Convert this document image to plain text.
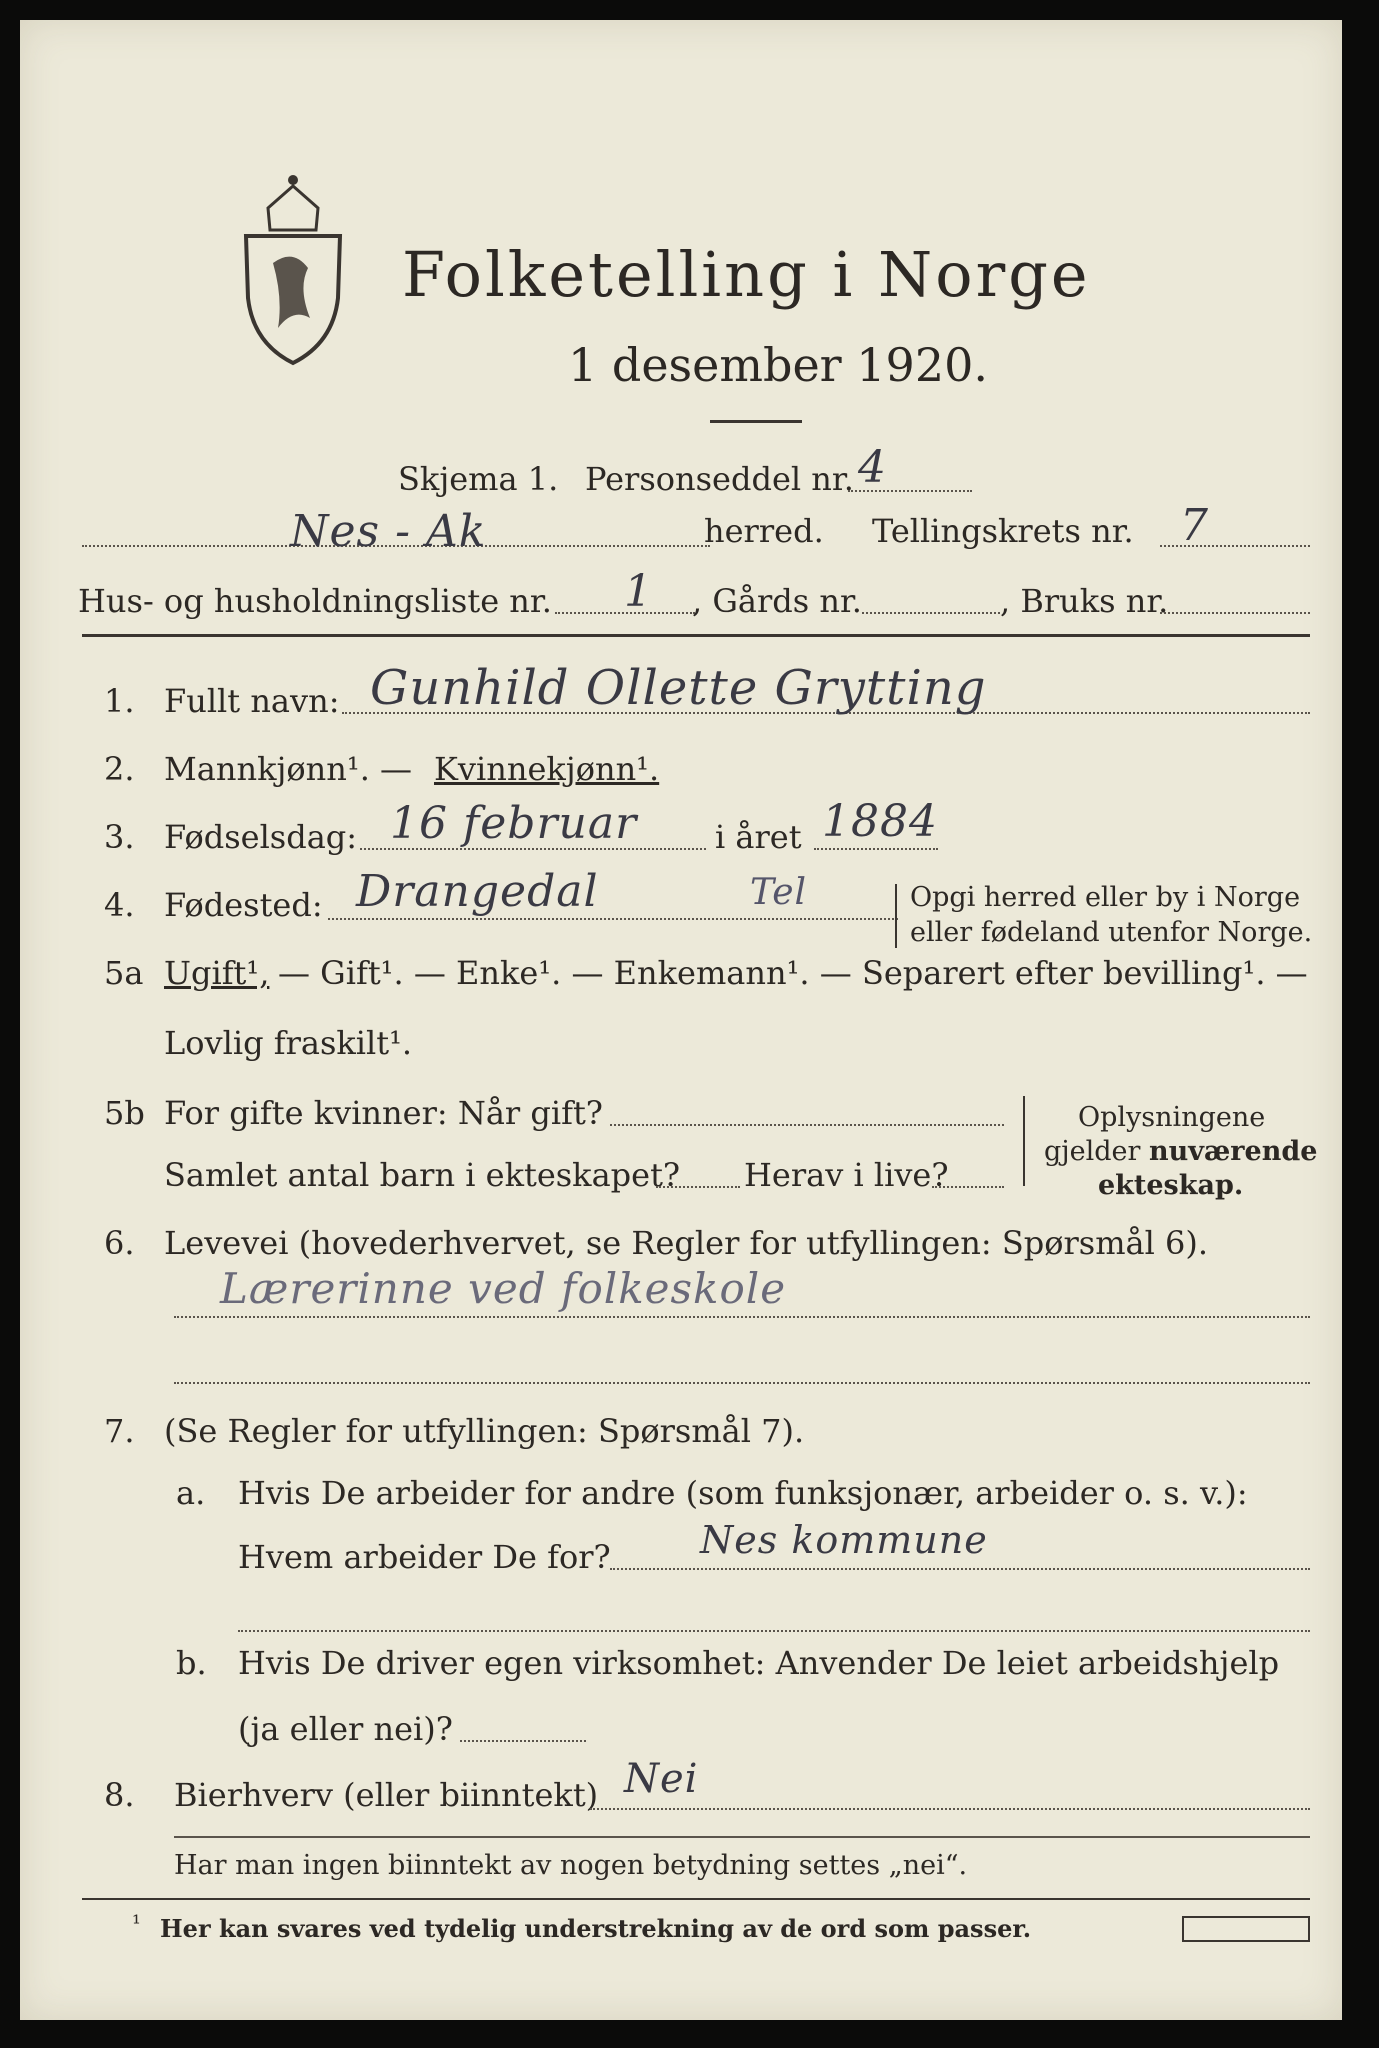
Folketelling i Norge
1 desember 1920.
Skjema 1. Personseddel nr. 4
Nes - Ak	herred. Tellingskrets nr. 7
Hus- og husholdningsliste nr. 1 , Gårds nr.	, Bruks nr.
1. Fullt navn: Gunhild Ollette Grytting
2. Mannkjønn¹. — Kvinnekjønn¹.
3. Fødselsdag: 16 februar i året 1884
4. Fødested: Drangedal	Tel	Opgi herred eller by i Norge
eller fødeland utenfor Norge.
5a Ugift¹, — Gift¹. — Enke¹. — Enkemann¹. — Separert efter bevilling¹. —
Lovlig fraskilt¹.
5b For gifte kvinner: Når gift?
Samlet antal barn i ekteskapet? Herav i live?
Oplysningene
gjelder nuværende
ekteskap.
6. Levevei (hovederhvervet, se Regler for utfyllingen: Spørsmål 6).
Lærerinne ved folkeskole
7. (Se Regler for utfyllingen: Spørsmål 7).
a. Hvis De arbeider for andre (som funksjonær, arbeider o. s. v.):
Hvem arbeider De for? Nes kommune
b. Hvis De driver egen virksomhet: Anvender De leiet arbeidshjelp
(ja eller nei)?
8. Bierhverv (eller biinntekt) Nei
Har man ingen biinntekt av nogen betydning settes „nei“.
¹ Her kan svares ved tydelig understrekning av de ord som passer.
